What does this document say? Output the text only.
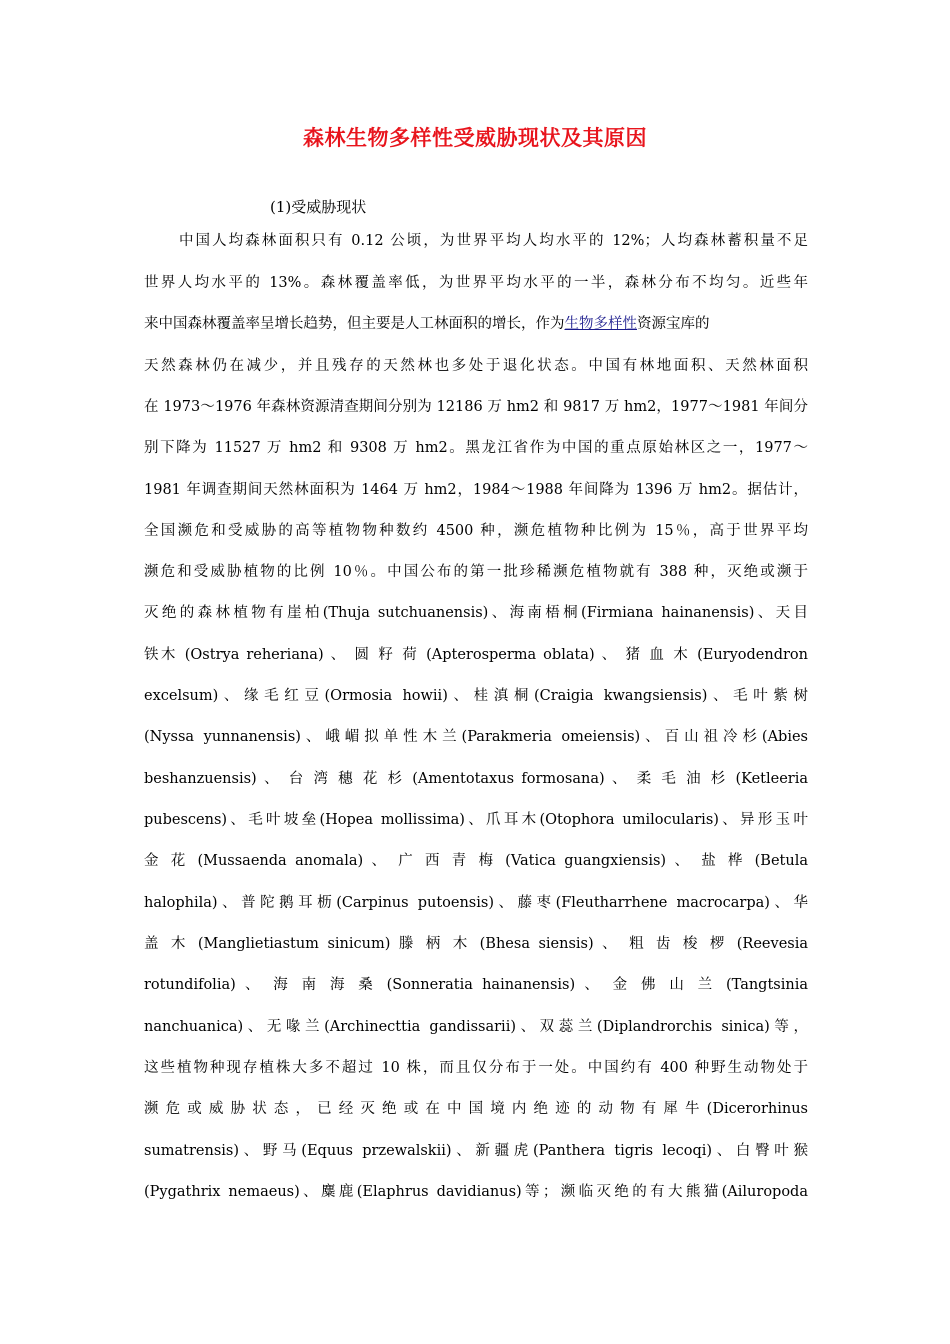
森林生物多样性受威胁现状及其原因
(1)受威胁现状
中国人均森林面积只有 0.12 公顷，为世界平均人均水平的 12%；人均森林蓄积量不足
世界人均水平的 13%。森林覆盖率低，为世界平均水平的一半，森林分布不均匀。近些年
来中国森林覆盖率呈增长趋势，但主要是人工林面积的增长，作为生物多样性资源宝库的
天然森林仍在减少，并且残存的天然林也多处于退化状态。中国有林地面积、天然林面积
在 1973～1976 年森林资源清查期间分别为 12186 万 hm2 和 9817 万 hm2，1977～1981 年间分
别下降为 11527 万 hm2 和 9308 万 hm2。黑龙江省作为中国的重点原始林区之一，1977～
1981 年调查期间天然林面积为 1464 万 hm2，1984～1988 年间降为 1396 万 hm2。据估计，
全国濒危和受威胁的高等植物物种数约 4500 种，濒危植物种比例为 15％，高于世界平均
濒危和受威胁植物的比例 10％。中国公布的第一批珍稀濒危植物就有 388 种，灭绝或濒于
灭绝的森林植物有崖柏(Thuja sutchuanensis)、海南梧桐(Firmiana hainanensis)、天目
铁木 (Ostrya reheriana) 、 圆 籽 荷 (Apterosperma oblata) 、 猪 血 木 (Euryodendron
excelsum)、缘毛红豆(Ormosia howii)、桂滇桐(Craigia kwangsiensis)、毛叶紫树
(Nyssa yunnanensis)、峨嵋拟单性木兰(Parakmeria omeiensis)、百山祖冷杉(Abies
beshanzuensis) 、 台 湾 穗 花 杉 (Amentotaxus formosana) 、 柔 毛 油 杉 (Ketleeria
pubescens)、毛叶坡垒(Hopea mollissima)、爪耳木(Otophora umilocularis)、异形玉叶
金 花 (Mussaenda anomala) 、 广 西 青 梅 (Vatica guangxiensis) 、 盐 桦 (Betula
halophila)、普陀鹅耳枥(Carpinus putoensis)、藤枣(Fleutharrhene macrocarpa)、华
盖 木 (Manglietiastum sinicum) 滕 柄 木 (Bhesa siensis) 、 粗 齿 梭 椤 (Reevesia
rotundifolia) 、 海 南 海 桑 (Sonneratia hainanensis) 、 金 佛 山 兰 (Tangtsinia
nanchuanica)、无喙兰(Archinecttia gandissarii)、双蕊兰(Diplandrorchis sinica)等，
这些植物种现存植株大多不超过 10 株，而且仅分布于一处。中国约有 400 种野生动物处于
濒 危 或 威 胁 状 态 ， 已 经 灭 绝 或 在 中 国 境 内 绝 迹 的 动 物 有 犀 牛 (Dicerorhinus
sumatrensis)、野马(Equus przewalskii)、新疆虎(Panthera tigris lecoqi)、白臀叶猴
(Pygathrix nemaeus)、麋鹿(Elaphrus davidianus)等；濒临灭绝的有大熊猫(Ailuropoda
